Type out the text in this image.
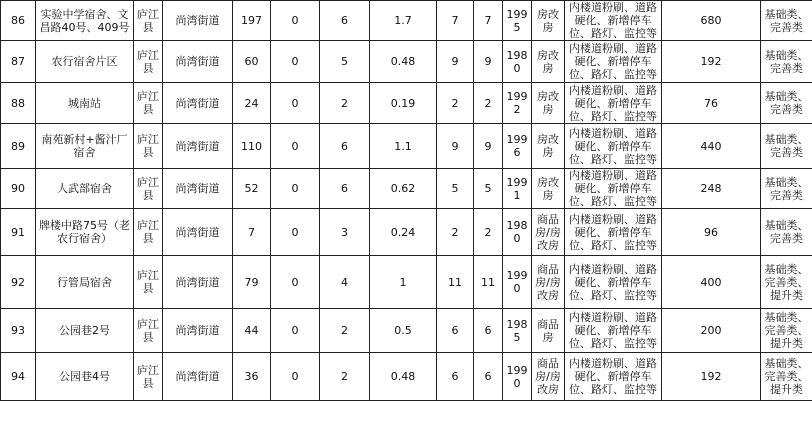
86	实验中学宿舍、文昌路40号、409号	庐江县	尚湾街道	197	0	6	1.7	7	7	1995	房改房	内楼道粉刷、道路硬化、新增停车位、路灯、监控等	680	基础类、完善类
87	农行宿舍片区	庐江县	尚湾街道	60	0	5	0.48	9	9	1980	房改房	内楼道粉刷、道路硬化、新增停车位、路灯、监控等	192	基础类、完善类
88	城南站	庐江县	尚湾街道	24	0	2	0.19	2	2	1992	房改房	内楼道粉刷、道路硬化、新增停车位、路灯、监控等	76	基础类、完善类
89	南苑新村+酱汁厂宿舍	庐江县	尚湾街道	110	0	6	1.1	9	9	1996	房改房	内楼道粉刷、道路硬化、新增停车位、路灯、监控等	440	基础类、完善类
90	人武部宿舍	庐江县	尚湾街道	52	0	6	0.62	5	5	1991	房改房	内楼道粉刷、道路硬化、新增停车位、路灯、监控等	248	基础类、完善类
91	牌楼中路75号（老农行宿舍）	庐江县	尚湾街道	7	0	3	0.24	2	2	1980	商品房/房改房	内楼道粉刷、道路硬化、新增停车位、路灯、监控等	96	基础类、完善类
92	行管局宿舍	庐江县	尚湾街道	79	0	4	1	11	11	1990	商品房/房改房	内楼道粉刷、道路硬化、新增停车位、路灯、监控等	400	基础类、完善类、提升类
93	公园巷2号	庐江县	尚湾街道	44	0	2	0.5	6	6	1985	商品房	内楼道粉刷、道路硬化、新增停车位、路灯、监控等	200	基础类、完善类、提升类
94	公园巷4号	庐江县	尚湾街道	36	0	2	0.48	6	6	1990	商品房/房改房	内楼道粉刷、道路硬化、新增停车位、路灯、监控等	192	基础类、完善类、提升类
